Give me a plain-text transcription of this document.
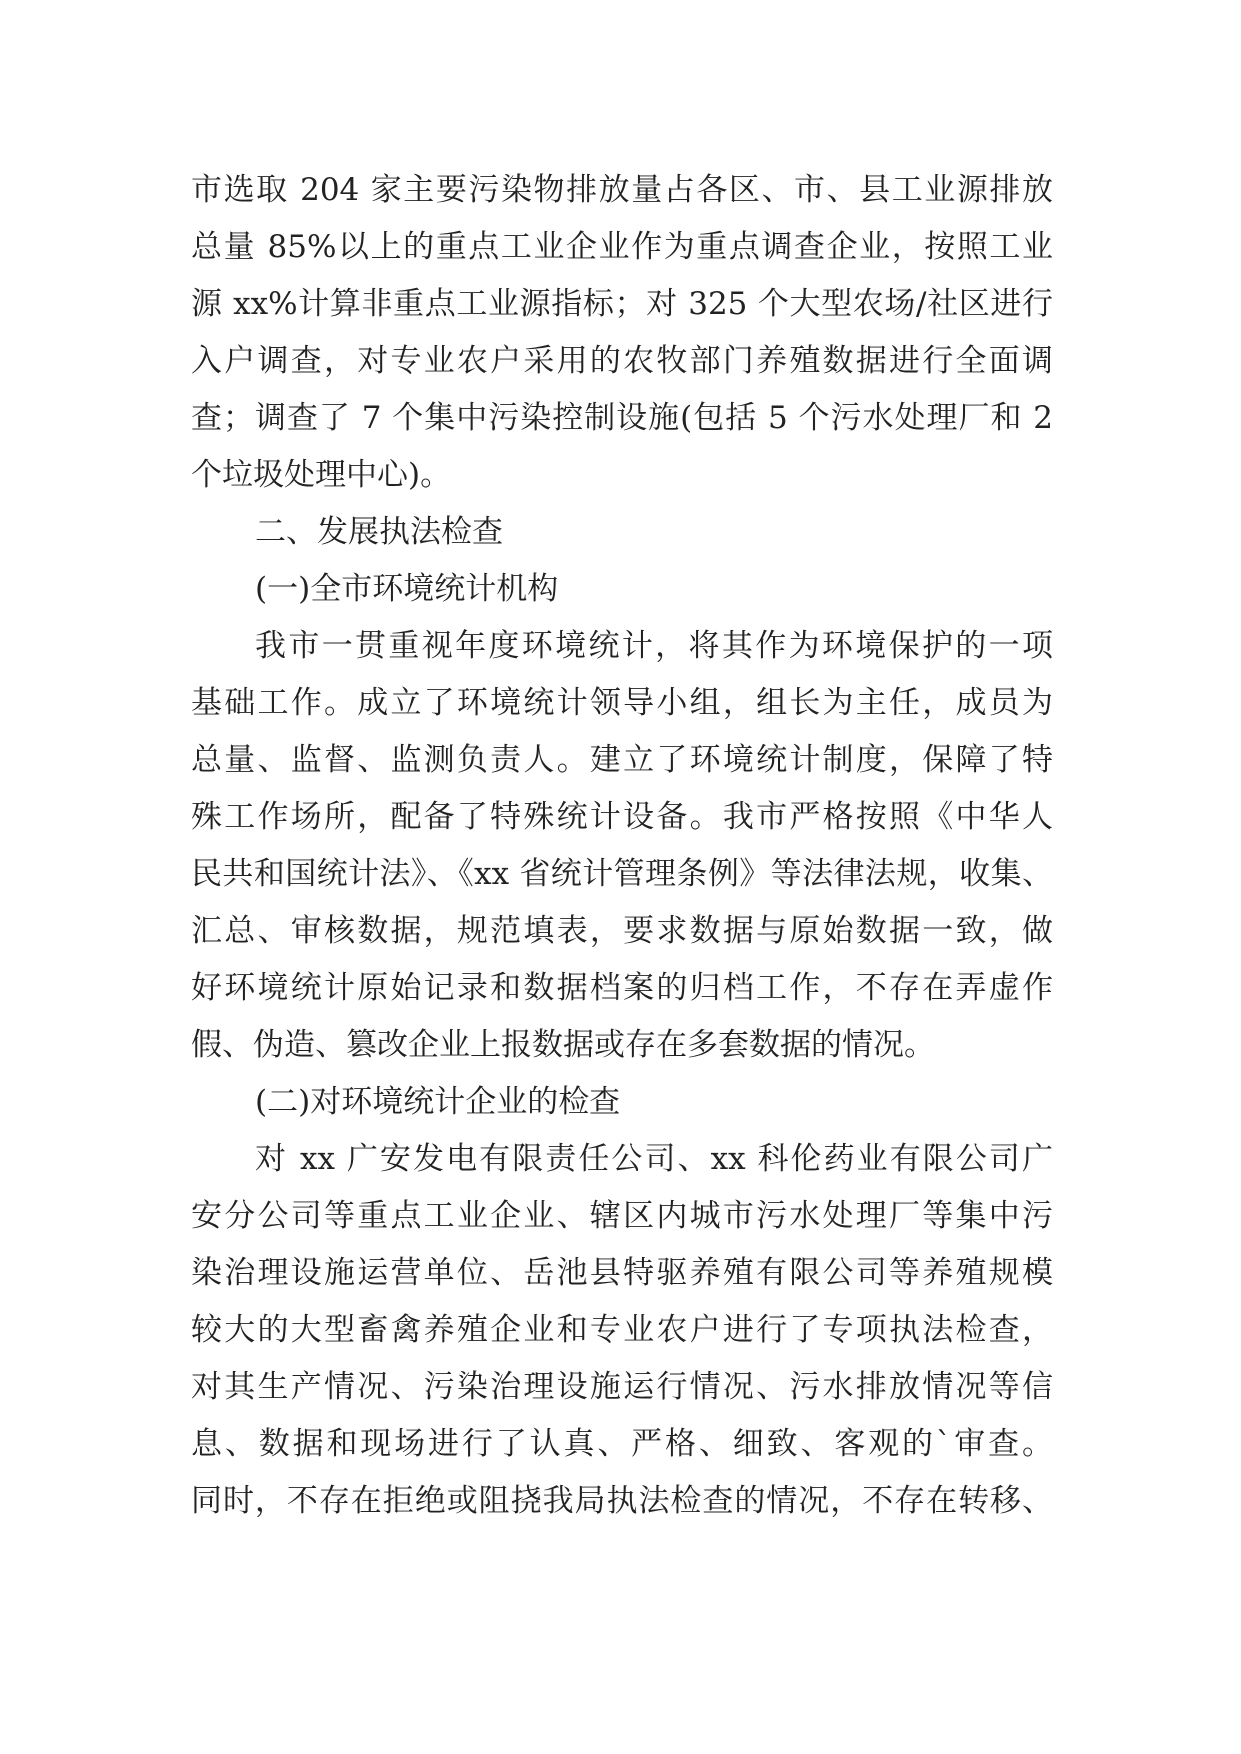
市选取 204 家主要污染物排放量占各区、市、县工业源排放
总量 85%以上的重点工业企业作为重点调查企业，按照工业
源 xx%计算非重点工业源指标；对 325 个大型农场/社区进行
入户调查，对专业农户采用的农牧部门养殖数据进行全面调
查；调查了 7 个集中污染控制设施(包括 5 个污水处理厂和 2
个垃圾处理中心)。
二、发展执法检查
(一)全市环境统计机构
我市一贯重视年度环境统计，将其作为环境保护的一项
基础工作。成立了环境统计领导小组，组长为主任，成员为
总量、监督、监测负责人。建立了环境统计制度，保障了特
殊工作场所，配备了特殊统计设备。我市严格按照《中华人
民共和国统计法》、《xx 省统计管理条例》等法律法规，收集、
汇总、审核数据，规范填表，要求数据与原始数据一致，做
好环境统计原始记录和数据档案的归档工作，不存在弄虚作
假、伪造、篡改企业上报数据或存在多套数据的情况。
(二)对环境统计企业的检查
对 xx 广安发电有限责任公司、xx 科伦药业有限公司广
安分公司等重点工业企业、辖区内城市污水处理厂等集中污
染治理设施运营单位、岳池县特驱养殖有限公司等养殖规模
较大的大型畜禽养殖企业和专业农户进行了专项执法检查，
对其生产情况、污染治理设施运行情况、污水排放情况等信
息、数据和现场进行了认真、严格、细致、客观的`审查。
同时，不存在拒绝或阻挠我局执法检查的情况，不存在转移、
